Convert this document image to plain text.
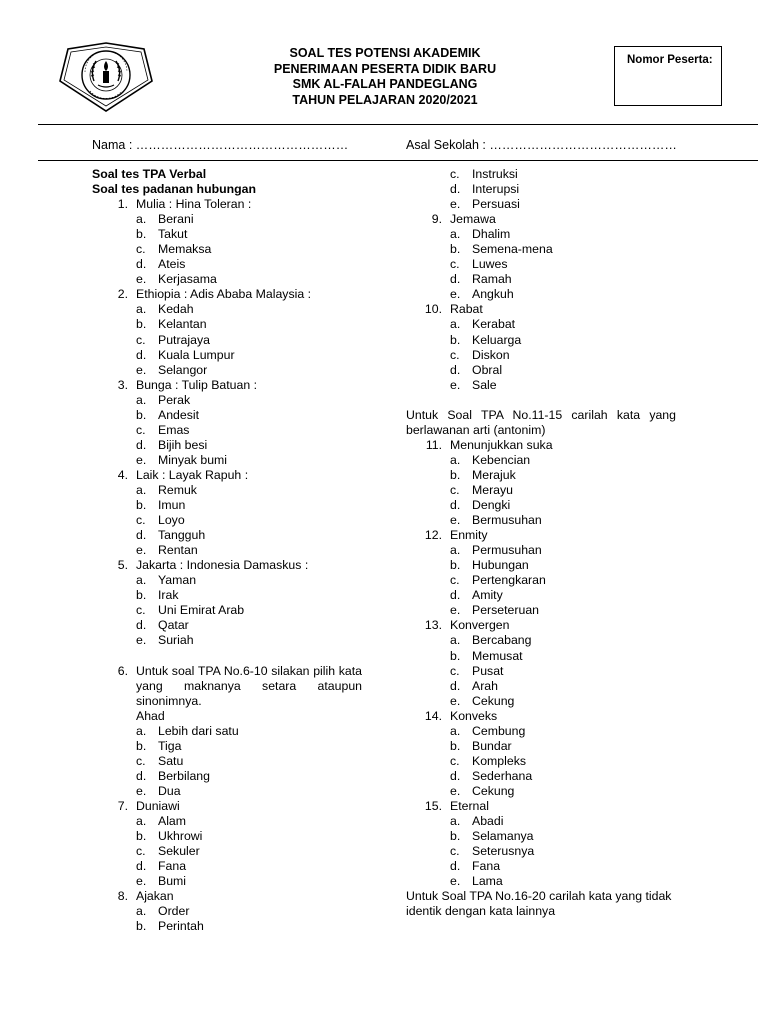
SOAL TES POTENSI AKADEMIK
PENERIMAAN PESERTA DIDIK BARU
SMK AL-FALAH PANDEGLANG
TAHUN PELAJARAN 2020/2021
Nomor Peserta:
Nama : ……………………………………………	Asal Sekolah : ………………………………………
Soal tes TPA Verbal
Soal tes padanan hubungan
1. Mulia : Hina Toleran :
a. Berani
b. Takut
c. Memaksa
d. Ateis
e. Kerjasama
2. Ethiopia : Adis Ababa Malaysia :
a. Kedah
b. Kelantan
c. Putrajaya
d. Kuala Lumpur
e. Selangor
3. Bunga : Tulip Batuan :
a. Perak
b. Andesit
c. Emas
d. Bijih besi
e. Minyak bumi
4. Laik : Layak Rapuh :
a. Remuk
b. Imun
c. Loyo
d. Tangguh
e. Rentan
5. Jakarta : Indonesia Damaskus :
a. Yaman
b. Irak
c. Uni Emirat Arab
d. Qatar
e. Suriah
6. Untuk soal TPA No.6-10 silakan pilih kata yang maknanya setara ataupun sinonimnya.
Ahad
a. Lebih dari satu
b. Tiga
c. Satu
d. Berbilang
e. Dua
7. Duniawi
a. Alam
b. Ukhrowi
c. Sekuler
d. Fana
e. Bumi
8. Ajakan
a. Order
b. Perintah
c. Instruksi
d. Interupsi
e. Persuasi
9. Jemawa
a. Dhalim
b. Semena-mena
c. Luwes
d. Ramah
e. Angkuh
10. Rabat
a. Kerabat
b. Keluarga
c. Diskon
d. Obral
e. Sale
Untuk Soal TPA No.11-15 carilah kata yang berlawanan arti (antonim)
11. Menunjukkan suka
a. Kebencian
b. Merajuk
c. Merayu
d. Dengki
e. Bermusuhan
12. Enmity
a. Permusuhan
b. Hubungan
c. Pertengkaran
d. Amity
e. Perseteruan
13. Konvergen
a. Bercabang
b. Memusat
c. Pusat
d. Arah
e. Cekung
14. Konveks
a. Cembung
b. Bundar
c. Kompleks
d. Sederhana
e. Cekung
15. Eternal
a. Abadi
b. Selamanya
c. Seterusnya
d. Fana
e. Lama
Untuk Soal TPA No.16-20 carilah kata yang tidak identik dengan kata lainnya
